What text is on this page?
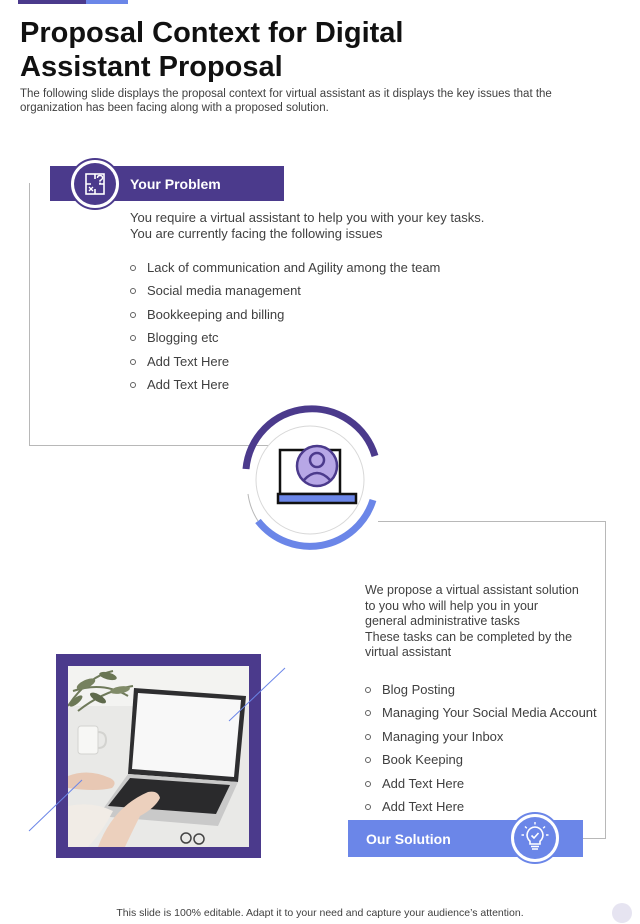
Proposal Context for Digital Assistant Proposal

The following slide displays the proposal context for virtual assistant as it displays the key issues that the organization has been facing along with a proposed solution.

Your Problem
You require a virtual assistant to help you with your key tasks.
You are currently facing the following issues
Lack of communication and Agility among the team
Social media management
Bookkeeping and billing
Blogging etc
Add Text Here
Add Text Here
We propose a virtual assistant solution
to you who will help you in your
general administrative tasks
These tasks can be completed by the
virtual assistant
Blog Posting
Managing Your Social Media Account
Managing your Inbox
Book Keeping
Add Text Here
Add Text Here
Our Solution
This slide is 100% editable. Adapt it to your need and capture your audience’s attention.
